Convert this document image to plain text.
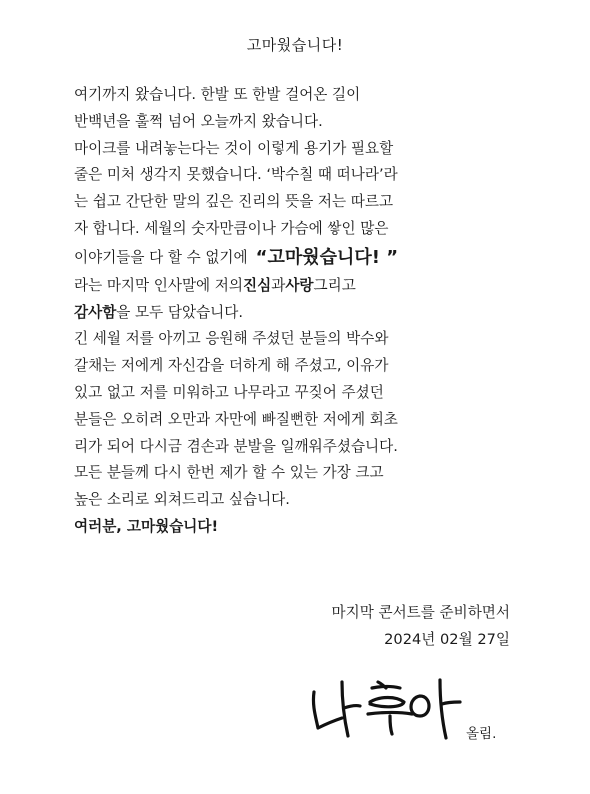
고마웠습니다!
여기까지 왔습니다. 한발 또 한발 걸어온 길이
반백년을 훌쩍 넘어 오늘까지 왔습니다.
마이크를 내려놓는다는 것이 이렇게 용기가 필요할
줄은 미처 생각지 못했습니다. ‘박수칠 때 떠나라’라
는 쉽고 간단한 말의 깊은 진리의 뜻을 저는 따르고
자 합니다. 세월의 숫자만큼이나 가슴에 쌓인 많은
이야기들을 다 할 수 없기에 “고마웠습니다! ”
라는 마지막 인사말에 저의 진심 과 사랑 그리고
감사함 을 모두 담았습니다.
긴 세월 저를 아끼고 응원해 주셨던 분들의 박수와
갈채는 저에게 자신감을 더하게 해 주셨고, 이유가
있고 없고 저를 미워하고 나무라고 꾸짖어 주셨던
분들은 오히려 오만과 자만에 빠질뻔한 저에게 회초
리가 되어 다시금 겸손과 분발을 일깨워주셨습니다.
모든 분들께 다시 한번 제가 할 수 있는 가장 크고
높은 소리로 외쳐드리고 싶습니다.
여러분, 고마웠습니다!
마지막 콘서트를 준비하면서
2024년 02월 27일
올림.
